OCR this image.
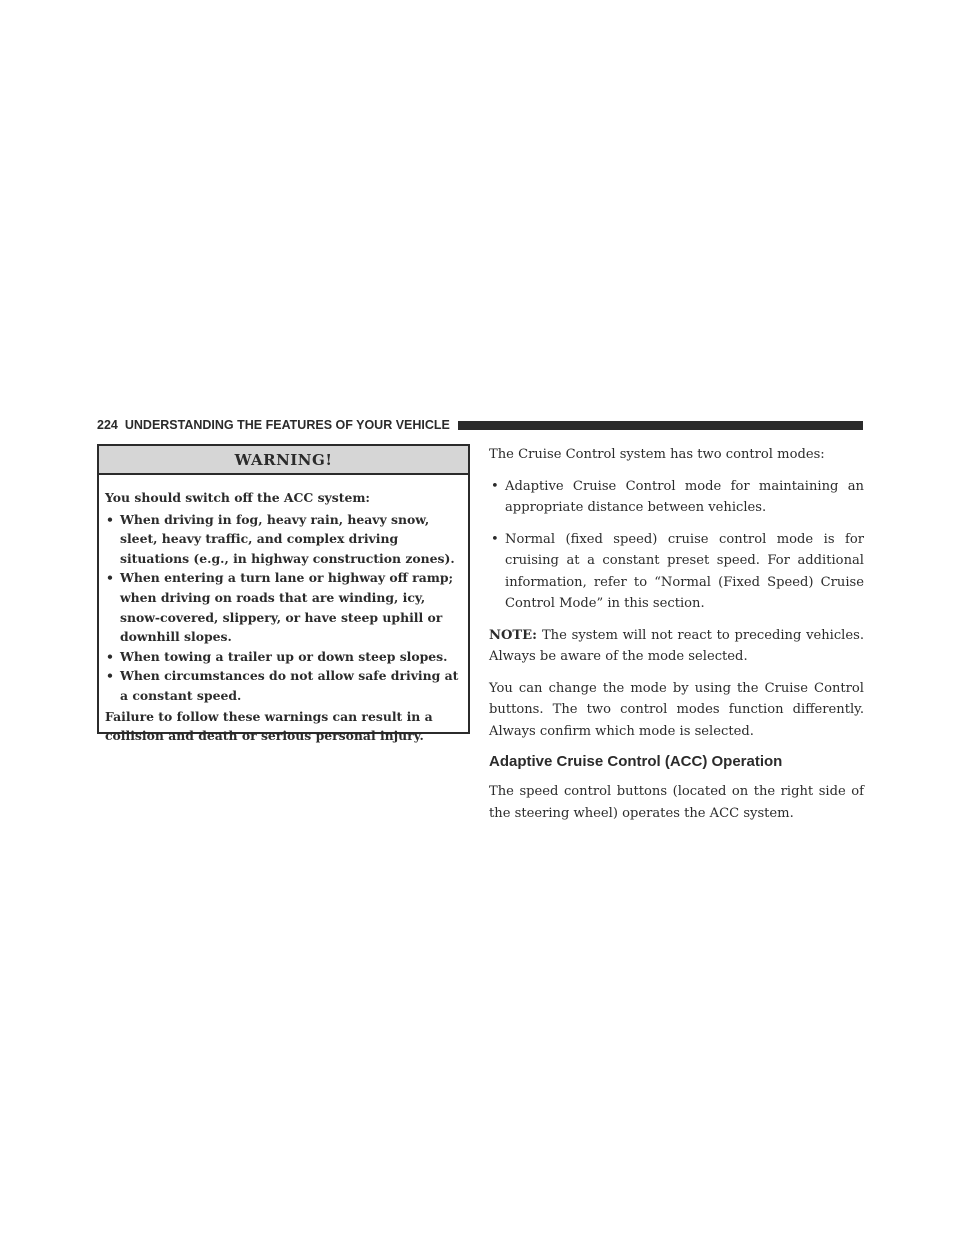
224 UNDERSTANDING THE FEATURES OF YOUR VEHICLE
WARNING!

You should switch off the ACC system:

• When driving in fog, heavy rain, heavy snow, sleet, heavy traffic, and complex driving situations (e.g., in highway construction zones).
• When entering a turn lane or highway off ramp; when driving on roads that are winding, icy, snow-covered, slippery, or have steep uphill or downhill slopes.
• When towing a trailer up or down steep slopes.
• When circumstances do not allow safe driving at a constant speed.

Failure to follow these warnings can result in a collision and death or serious personal injury.

The Cruise Control system has two control modes:

• Adaptive Cruise Control mode for maintaining an appropriate distance between vehicles.
• Normal (fixed speed) cruise control mode is for cruising at a constant preset speed. For additional information, refer to “Normal (Fixed Speed) Cruise Control Mode” in this section.

NOTE: The system will not react to preceding vehicles. Always be aware of the mode selected.

You can change the mode by using the Cruise Control buttons. The two control modes function differently. Always confirm which mode is selected.

Adaptive Cruise Control (ACC) Operation

The speed control buttons (located on the right side of the steering wheel) operates the ACC system.
